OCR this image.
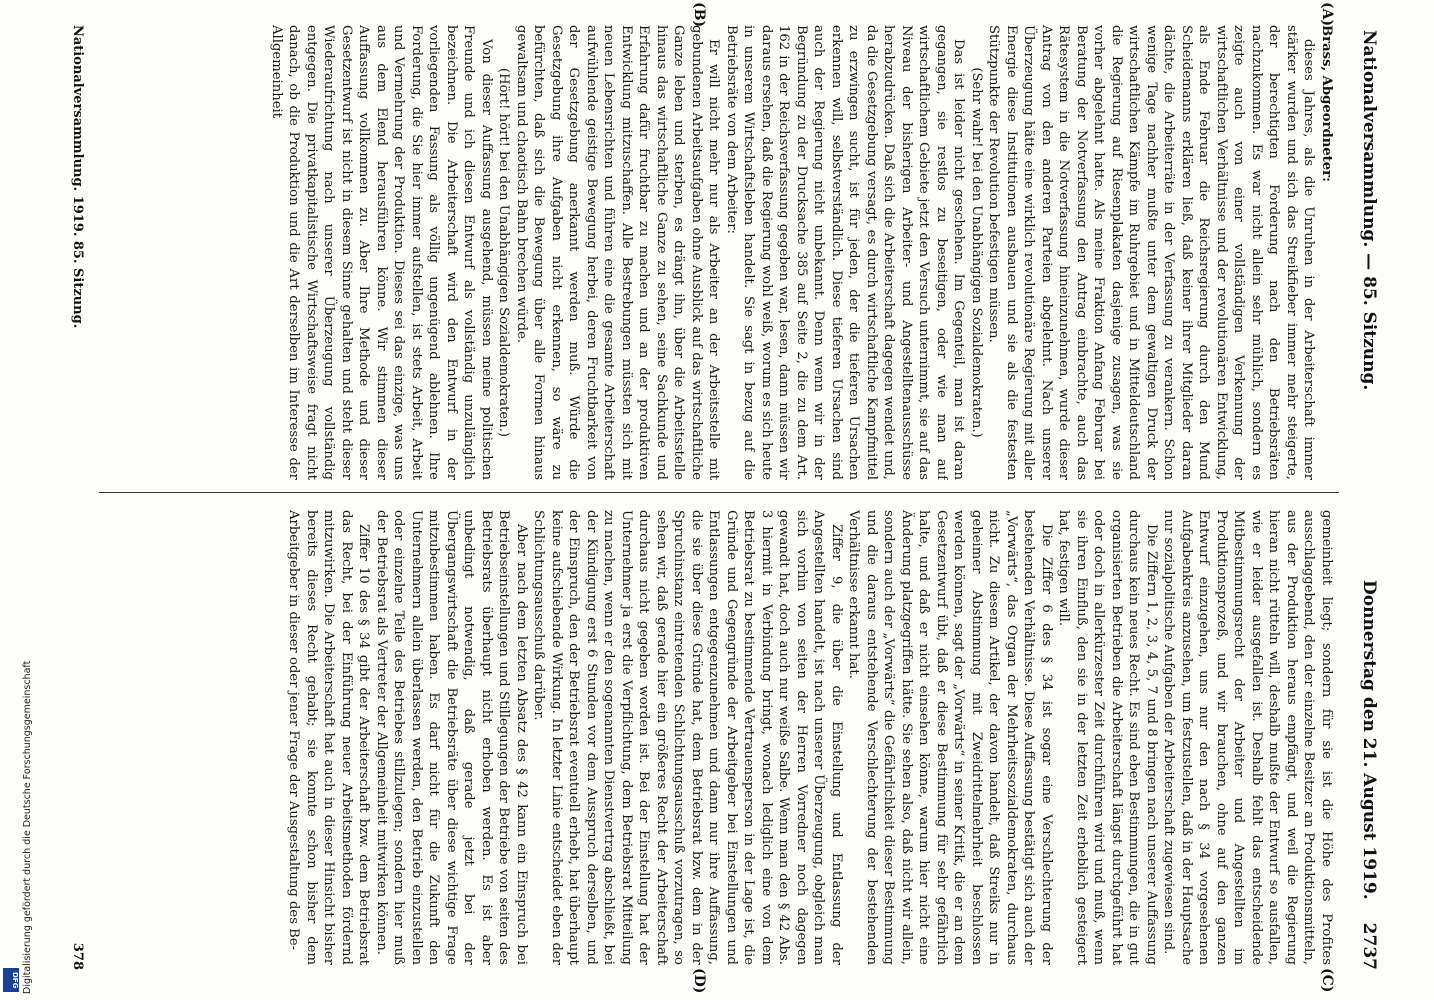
DFG Digitalisierung gefördert durch die Deutsche Forschungsgemeinschaft
Nationalversammlung. — 85. Sitzung.
Donnerstag den 21. August 1919.
2737
(A)
(B)
(C)
(D)

Brass, Abgeordneter:

dieses Jahres, als die Unruhen in der Arbeiterschaft immer stärker wurden und sich das Streikfieber immer mehr steigerte, der berechtigten Forderung nach den Betriebsräten nachzukommen. Es war nicht allein sehr mühlich, sondern es zeigte auch von einer vollständigen Verkennung der wirtschaftlichen Verhältnisse und der revolutionären Entwicklung, als Ende Februar die Reichsregierung durch den Mund Scheidemanns erklären ließ, daß keiner ihrer Mitglieder daran dächte, die Arbeiterräte in der Verfassung zu verankern. Schon wenige Tage nachher mußte unter dem gewaltigen Druck der wirtschaftlichen Kämpfe im Ruhrgebiet und in Mitteldeutschland die Regierung auf Riesenplakaten dasjenige zusagen, was sie vorher abgelehnt hatte. Als meine Fraktion Anfang Februar bei Beratung der Notverfassung den Antrag einbrachte, auch das Rätesystem in die Notverfassung hineinzunehmen, wurde dieser Antrag von den anderen Parteien abgelehnt. Nach unserer Überzeugung hätte eine wirklich revolutionäre Regierung mit aller Energie diese Institutionen ausbauen und sie als die festesten Stützpunkte der Revolution befestigen müssen.

(Sehr wahr! bei den Unabhängigen Sozialdemokraten.)

Das ist leider nicht geschehen. Im Gegenteil, man ist daran gegangen, sie restlos zu beseitigen, oder wie man auf wirtschaftlichem Gebiete jetzt den Versuch unternimmt, sie auf das Niveau der bisherigen Arbeiter- und Angestelltenausschüsse herabzudrücken. Daß sich die Arbeiterschaft dagegen wendet und, da die Gesetzgebung versagt, es durch wirtschaftliche Kampfmittel zu erzwingen sucht, ist für jeden, der die tieferen Ursachen erkennen will, selbstverständlich. Diese tieferen Ursachen sind auch der Regierung nicht unbekannt. Denn wenn wir in der Begründung zu der Drucksache 385 auf Seite 2, die zu dem Art. 162 in der Reichsverfassung gegeben war, lesen, dann müssen wir daraus ersehen, daß die Regierung wohl weiß, worum es sich heute in unserem Wirtschaftsleben handelt. Sie sagt in bezug auf die Betriebsräte von dem Arbeiter:

Er will nicht mehr nur als Arbeiter an der Arbeitsstelle mit gebundenen Arbeitsaufgaben ohne Ausblick auf das wirtschaftliche Ganze leben und sterben, es drängt ihn, über die Arbeitsstelle hinaus das wirtschaftliche Ganze zu sehen, seine Sachkunde und Erfahrung dafür fruchtbar zu machen und an der produktiven Entwicklung mitzuschaffen. Alle Bestrebungen müssten sich mit neuen Lebensrichten und führen eine die gesamte Arbeiterschaft aufwühlende geistige Bewegung herbei, deren Fruchtbarkeit von der Gesetzgebung anerkannt werden muß. Würde die Gesetzgebung ihre Aufgaben nicht erkennen, so wäre zu befürchten, daß sich die Bewegung über alle Formen hinaus gewaltsam und chaotisch Bahn brechen würde.

(Hört! hört! bei den Unabhängigen Sozialdemokraten.)

Von dieser Auffassung ausgehend, müssen meine politischen Freunde und ich diesen Entwurf als vollständig unzulänglich bezeichnen. Die Arbeiterschaft wird den Entwurf in der vorliegenden Fassung als völlig ungenügend ablehnen. Ihre Forderung, die Sie hier immer aufstellen, ist stets Arbeit, Arbeit und Vermehrung der Produktion. Dieses sei das einzige, was uns aus dem Elend herausführen könne. Wir stimmen dieser Auffassung vollkommen zu. Aber Ihre Methode und dieser Gesetzentwurf ist nicht in diesem Sinne gehalten und steht dieser Wiederaufrichtung nach unserer Überzeugung vollständig entgegen. Die privatkapitalistische Wirtschaftsweise fragt nicht danach, ob die Produktion und die Art derselben im Interesse der Allgemeinheit

gemeinheit liegt; sondern für sie ist die Höhe des Profites ausschlaggebend, den der einzelne Besitzer an Produktionsmitteln, aus der Produktion heraus empfängt, und weil die Regierung hieran nicht rütteln will, deshalb mußte der Entwurf so ausfallen, wie er leider ausgefallen ist. Deshalb fehlt das entscheidende Mitbestimmungsrecht der Arbeiter und Angestellten im Produktionsprozeß, und wir brauchen, ohne auf den ganzen Entwurf einzugehen, uns nur den nach § 34 vorgesehenen Aufgabenkreis anzusehen, um festzustellen, daß in der Hauptsache nur sozialpolitische Aufgaben der Arbeiterschaft zugewiesen sind.

Die Ziffern 1, 2, 3, 4, 5, 7 und 8 bringen nach unserer Auffassung durchaus kein neues Recht. Es sind eben Bestimmungen, die in gut organisierten Betrieben die Arbeiterschaft längst durchgeführt hat oder doch in allerkürzester Zeit durchführen wird und muß, wenn sie ihren Einfluß, den sie in der letzten Zeit erheblich gesteigert hat, festigen will.

Die Ziffer 6 des § 34 ist sogar eine Verschlechterung der bestehenden Verhältnisse. Diese Auffassung bestätigt sich auch der „Vorwärts“, das Organ der Mehrheitssozialdemokraten, durchaus nicht. Zu diesem Artikel, der davon handelt, daß Streiks nur in geheimer Abstimmung mit Zweidrittelmehrheit beschlossen werden können, sagt der „Vorwärts“ in seiner Kritik, die er an dem Gesetzentwurf übt, daß er diese Bestimmung für sehr gefährlich halte, und daß er nicht einsehen könne, warum hier nicht eine Änderung platzgegriffen hätte. Sie sehen also, daß nicht wir allein, sondern auch der „Vorwärts“ die Gefährlichkeit dieser Bestimmung und die daraus entstehende Verschlechterung der bestehenden Verhältnisse erkannt hat.

Ziffer 9, die über die Einstellung und Entlassung der Angestellten handelt, ist nach unserer Überzeugung, obgleich man sich vorhin von seiten der Herren Vorredner noch dagegen gewandt hat, doch auch nur weiße Salbe. Wenn man den § 42 Abs. 3 hiermit in Verbindung bringt, wonach lediglich eine von dem Betriebsrat zu bestimmende Vertrauensperson in der Lage ist, die Gründe und Gegengründe der Arbeitgeber bei Einstellungen und Entlassungen entgegenzunehmen und dann nur ihre Auffassung, die sie über diese Gründe hat, dem Betriebsrat bzw. dem in der Spruchinstanz eintretenden Schlichtungsausschuß vorzutragen, so sehen wir, daß gerade hier ein größeres Recht der Arbeiterschaft durchaus nicht gegeben worden ist. Bei der Einstellung hat der Unternehmer ja erst die Verpflichtung, dem Betriebsrat Mitteilung zu machen, wenn er den sogenannten Dienstvertrag abschließt, bei der Kündigung erst 6 Stunden vor dem Ausspruch derselben, und der Einspruch, den der Betriebsrat eventuell erhebt, hat überhaupt keine aufschiebende Wirkung. In letzter Linie entscheidet eben der Schlichtungsausschuß darüber.

Aber nach dem letzten Absatz des § 42 kann ein Einspruch bei Betriebseinstellungen und Stillegungen der Betriebe von seiten des Betriebsrats überhaupt nicht erhoben werden. Es ist aber unbedingt notwendig, daß gerade jetzt bei der Übergangswirtschaft die Betriebsräte über diese wichtige Frage mitzubestimmen haben. Es darf nicht für die Zukunft den Unternehmern allein überlassen werden, den Betrieb einzustellen oder einzelne Teile des Betriebes stillzulegen; sondern hier muß der Betriebsrat als Vertreter der Allgemeinheit mitwirken können.

Ziffer 10 des § 34 gibt der Arbeiterschaft bzw. dem Betriebsrat das Recht, bei der Einführung neuer Arbeitsmethoden fördernd mitzuwirken. Die Arbeiterschaft hat auch in dieser Hinsicht bisher bereits dieses Recht gehabt; sie konnte schon bisher dem Arbeitgeber in dieser oder jener Frage der Ausgestaltung des Be-

Nationalversammlung. 1919. 85. Sitzung.
378
